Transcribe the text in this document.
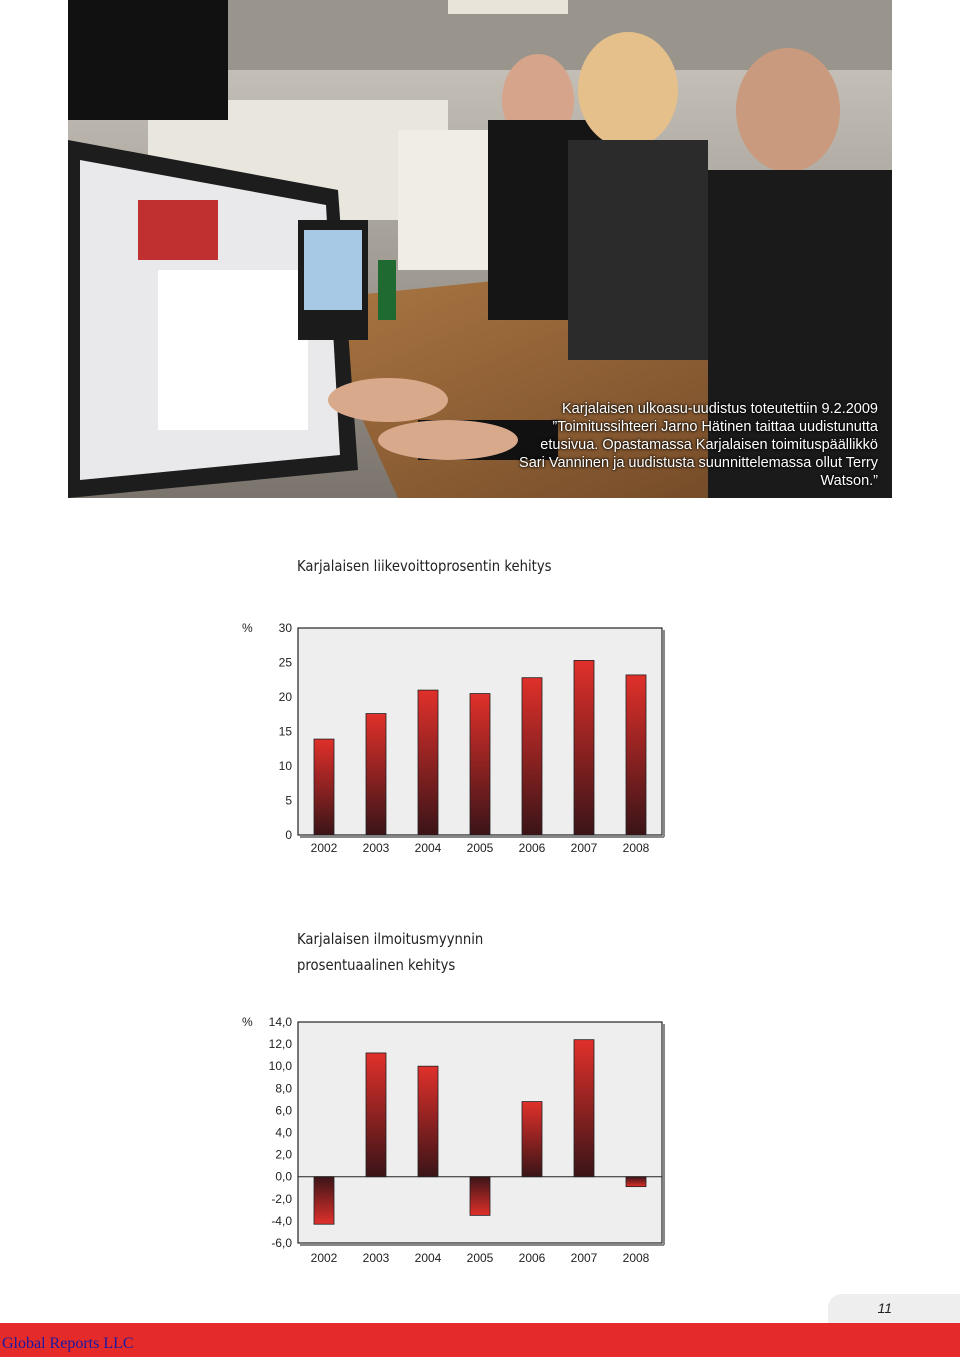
Karjalaisen ulkoasu-uudistus toteutettiin 9.2.2009 ”Toimitussihteeri Jarno Hätinen taittaa uudistunutta etusivua. Opastamassa Karjalaisen toimituspäällikkö Sari Vanninen ja uudistusta suunnittelemassa ollut Terry Watson.”
Karjalaisen liikevoittoprosentin kehitys
Karjalaisen ilmoitusmyynnin
prosentuaalinen kehitys
0
5
10
15
20
25
30
%
2002 2003 2004 2005 2006 2007 2008
14,0
12,0
10,0
8,0
6,0
4,0
2,0
0,0
-2,0
-4,0
-6,0
%
2002 2003 2004 2005 2006 2007 2008
11
Global Reports LLC
